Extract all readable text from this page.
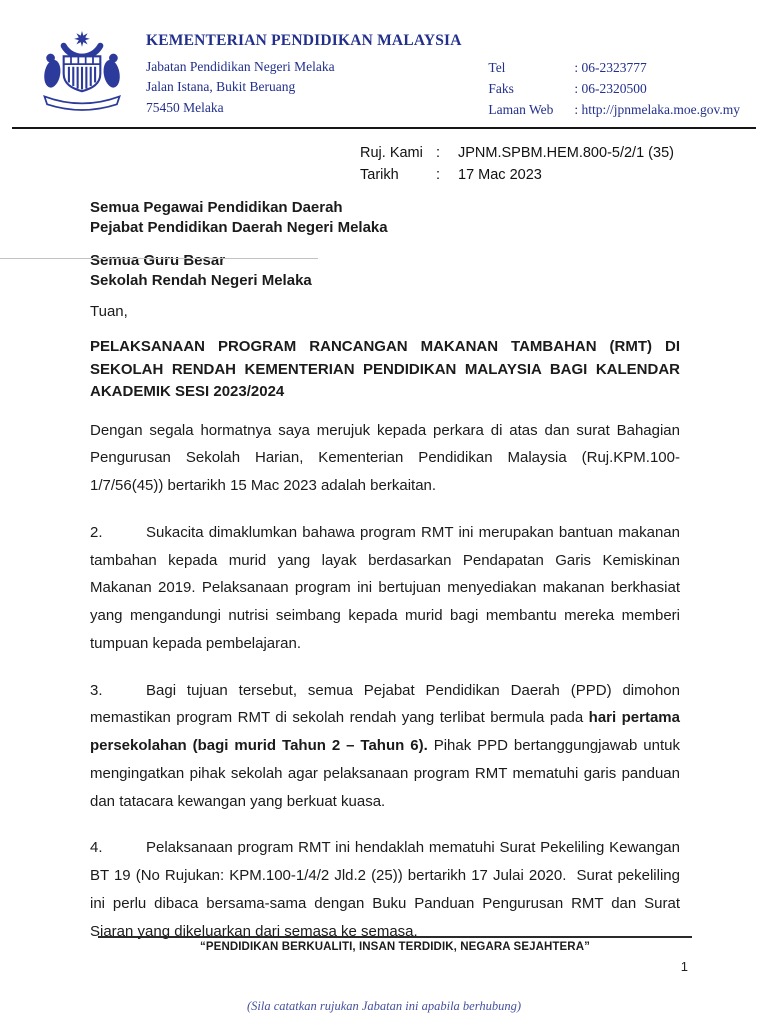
KEMENTERIAN PENDIDIKAN MALAYSIA
Jabatan Pendidikan Negeri Melaka
Jalan Istana, Bukit Beruang
75450 Melaka
Tel	: 06-2323777
Faks	: 06-2320500
Laman Web	: http://jpnmelaka.moe.gov.my
Ruj. Kami :	JPNM.SPBM.HEM.800-5/2/1 (35)
Tarikh	:	17 Mac 2023
Semua Pegawai Pendidikan Daerah
Pejabat Pendidikan Daerah Negeri Melaka
Semua Guru Besar
Sekolah Rendah Negeri Melaka
Tuan,
PELAKSANAAN PROGRAM RANCANGAN MAKANAN TAMBAHAN (RMT) DI SEKOLAH RENDAH KEMENTERIAN PENDIDIKAN MALAYSIA BAGI KALENDAR AKADEMIK SESI 2023/2024

Dengan segala hormatnya saya merujuk kepada perkara di atas dan surat Bahagian Pengurusan Sekolah Harian, Kementerian Pendidikan Malaysia (Ruj.KPM.100-1/7/56(45)) bertarikh 15 Mac 2023 adalah berkaitan.

2.	Sukacita dimaklumkan bahawa program RMT ini merupakan bantuan makanan tambahan kepada murid yang layak berdasarkan Pendapatan Garis Kemiskinan Makanan 2019. Pelaksanaan program ini bertujuan menyediakan makanan berkhasiat yang mengandungi nutrisi seimbang kepada murid bagi membantu mereka memberi tumpuan kepada pembelajaran.

3.	Bagi tujuan tersebut, semua Pejabat Pendidikan Daerah (PPD) dimohon memastikan program RMT di sekolah rendah yang terlibat bermula pada hari pertama persekolahan (bagi murid Tahun 2 – Tahun 6). Pihak PPD bertanggungjawab untuk mengingatkan pihak sekolah agar pelaksanaan program RMT mematuhi garis panduan dan tatacara kewangan yang berkuat kuasa.

4.	Pelaksanaan program RMT ini hendaklah mematuhi Surat Pekeliling Kewangan BT 19 (No Rujukan: KPM.100-1/4/2 Jld.2 (25)) bertarikh 17 Julai 2020.  Surat pekeliling ini perlu dibaca bersama-sama dengan Buku Panduan Pengurusan RMT dan Surat Siaran yang dikeluarkan dari semasa ke semasa.

“PENDIDIKAN BERKUALITI, INSAN TERDIDIK, NEGARA SEJAHTERA”
1
(Sila catatkan rujukan Jabatan ini apabila berhubung)
